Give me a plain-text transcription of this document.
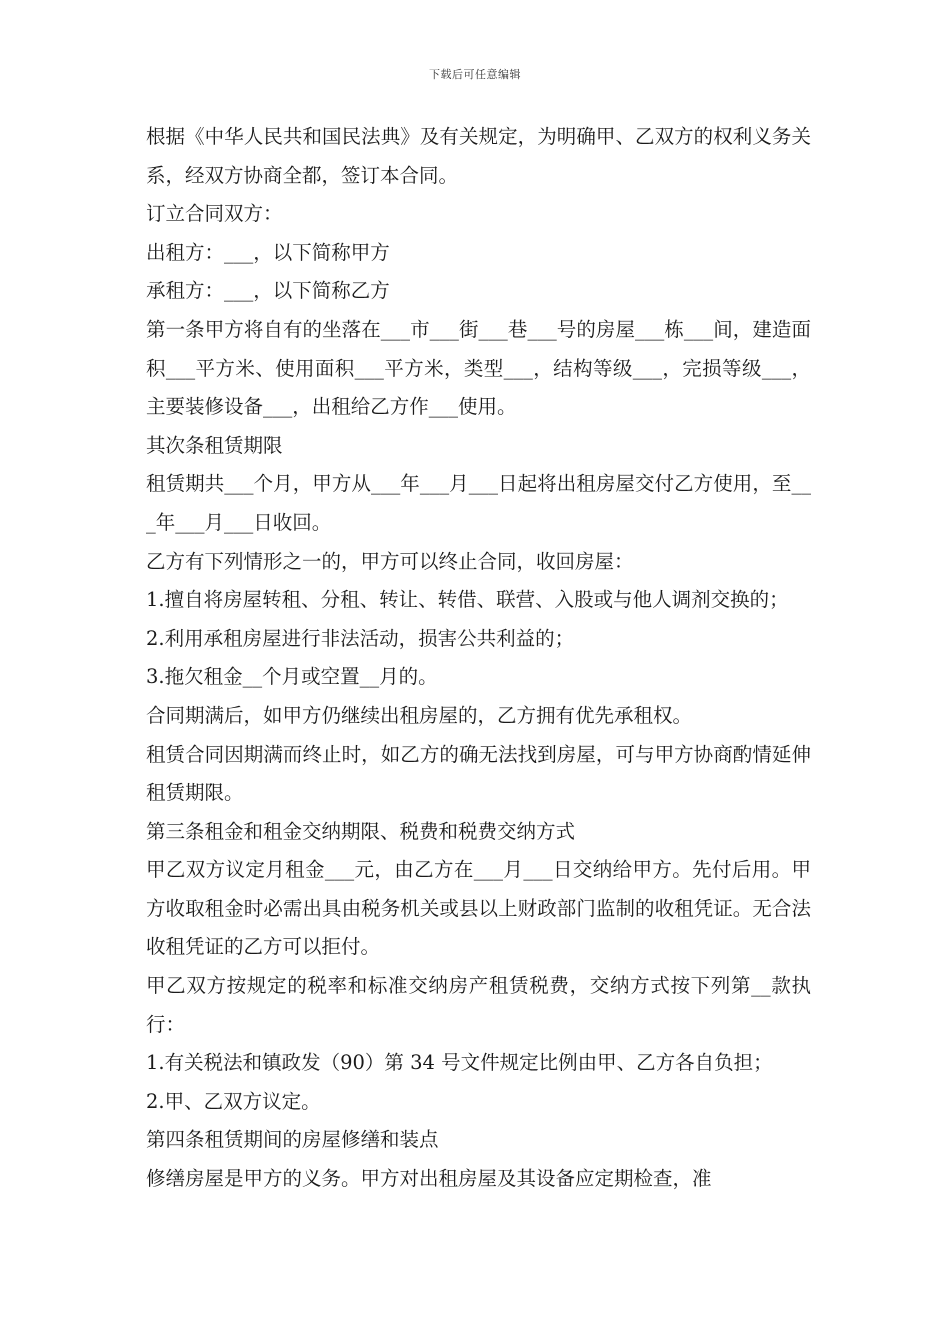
下载后可任意编辑

根据《中华人民共和国民法典》及有关规定，为明确甲、乙双方的权利义务关系，经双方协商全都，签订本合同。

订立合同双方：

出租方：___，以下简称甲方

承租方：___，以下简称乙方

第一条甲方将自有的坐落在___市___街___巷___号的房屋___栋___间，建造面积___平方米、使用面积___平方米，类型___，结构等级___，完损等级___，主要装修设备___，出租给乙方作___使用。

其次条租赁期限

租赁期共___个月，甲方从___年___月___日起将出租房屋交付乙方使用，至___年___月___日收回。

乙方有下列情形之一的，甲方可以终止合同，收回房屋：

1.擅自将房屋转租、分租、转让、转借、联营、入股或与他人调剂交换的；

2.利用承租房屋进行非法活动，损害公共利益的；

3.拖欠租金__个月或空置__月的。

合同期满后，如甲方仍继续出租房屋的，乙方拥有优先承租权。

租赁合同因期满而终止时，如乙方的确无法找到房屋，可与甲方协商酌情延伸租赁期限。

第三条租金和租金交纳期限、税费和税费交纳方式

甲乙双方议定月租金___元，由乙方在___月___日交纳给甲方。先付后用。甲方收取租金时必需出具由税务机关或县以上财政部门监制的收租凭证。无合法收租凭证的乙方可以拒付。

甲乙双方按规定的税率和标准交纳房产租赁税费，交纳方式按下列第__款执行：

1.有关税法和镇政发（90）第 34 号文件规定比例由甲、乙方各自负担；

2.甲、乙双方议定。

第四条租赁期间的房屋修缮和装点

修缮房屋是甲方的义务。甲方对出租房屋及其设备应定期检查，准
